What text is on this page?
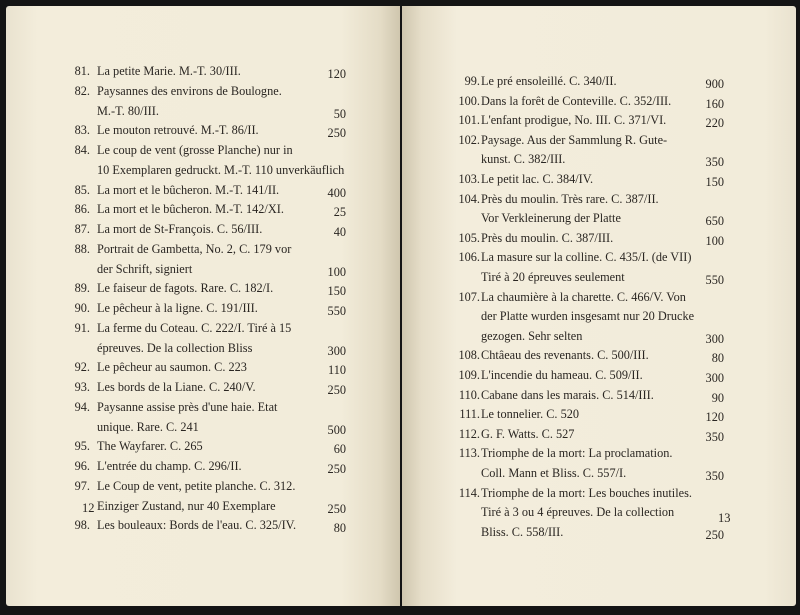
12
81. La petite Marie. M.-T. 30/III.	120
82. Paysannes des environs de Boulogne.
M.-T. 80/III.	50
83. Le mouton retrouvé. M.-T. 86/II.	250
84. Le coup de vent (grosse Planche) nur in
10 Exemplaren gedruckt. M.-T. 110 unverkäuflich
85. La mort et le bûcheron. M.-T. 141/II.	400
86. La mort et le bûcheron. M.-T. 142/XI.	25
87. La mort de St-François. C. 56/III.	40
88. Portrait de Gambetta, No. 2, C. 179 vor
der Schrift, signiert	100
89. Le faiseur de fagots. Rare. C. 182/I.	150
90. Le pêcheur à la ligne. C. 191/III.	550
91. La ferme du Coteau. C. 222/I. Tiré à 15
épreuves. De la collection Bliss	300
92. Le pêcheur au saumon. C. 223	110
93. Les bords de la Liane. C. 240/V.	250
94. Paysanne assise près d'une haie. Etat
unique. Rare. C. 241	500
95. The Wayfarer. C. 265	60
96. L'entrée du champ. C. 296/II.	250
97. Le Coup de vent, petite planche. C. 312.
Einziger Zustand, nur 40 Exemplare	250
98. Les bouleaux: Bords de l'eau. C. 325/IV.	80
13
99. Le pré ensoleillé. C. 340/II.	900
100. Dans la forêt de Conteville. C. 352/III.	160
101. L'enfant prodigue, No. III. C. 371/VI.	220
102. Paysage. Aus der Sammlung R. Gute-
kunst. C. 382/III.	350
103. Le petit lac. C. 384/IV.	150
104. Près du moulin. Très rare. C. 387/II.
Vor Verkleinerung der Platte	650
105. Près du moulin. C. 387/III.	100
106. La masure sur la colline. C. 435/I. (de VII)
Tiré à 20 épreuves seulement	550
107. La chaumière à la charette. C. 466/V. Von
der Platte wurden insgesamt nur 20 Drucke
gezogen. Sehr selten	300
108. Chtâeau des revenants. C. 500/III.	80
109. L'incendie du hameau. C. 509/II.	300
110. Cabane dans les marais. C. 514/III.	90
111. Le tonnelier. C. 520	120
112. G. F. Watts. C. 527	350
113. Triomphe de la mort: La proclamation.
Coll. Mann et Bliss. C. 557/I.	350
114. Triomphe de la mort: Les bouches inutiles.
Tiré à 3 ou 4 épreuves. De la collection
Bliss. C. 558/III.	250
